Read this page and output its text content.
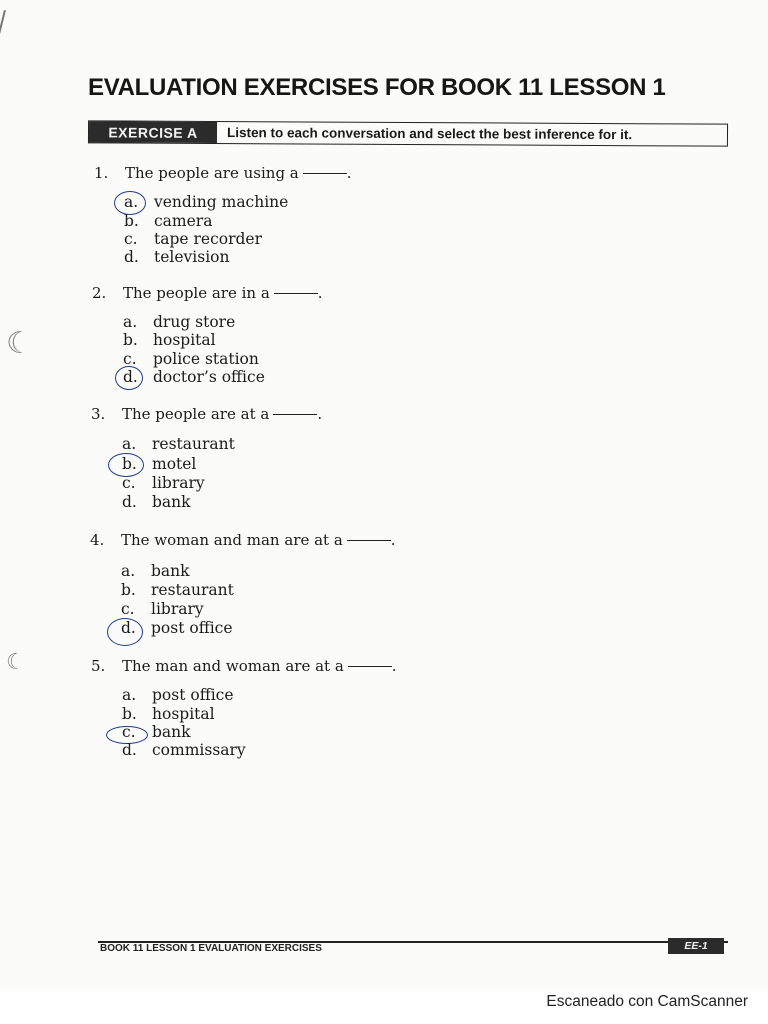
☾
☾
EVALUATION EXERCISES FOR BOOK 11 LESSON 1
EXERCISE A	Listen to each conversation and select the best inference for it.
1. The people are using a	.
a. vending machine
b. camera
c. tape recorder
d. television
2. The people are in a	.
a. drug store
b. hospital
c. police station
d. doctor’s office
3. The people are at a	.
a. restaurant
b. motel
c. library
d. bank
4. The woman and man are at a	.
a. bank
b. restaurant
c. library
d. post office
5. The man and woman are at a	.
a. post office
b. hospital
c. bank
d. commissary
BOOK 11 LESSON 1 EVALUATION EXERCISES	EE-1
Escaneado con CamScanner
